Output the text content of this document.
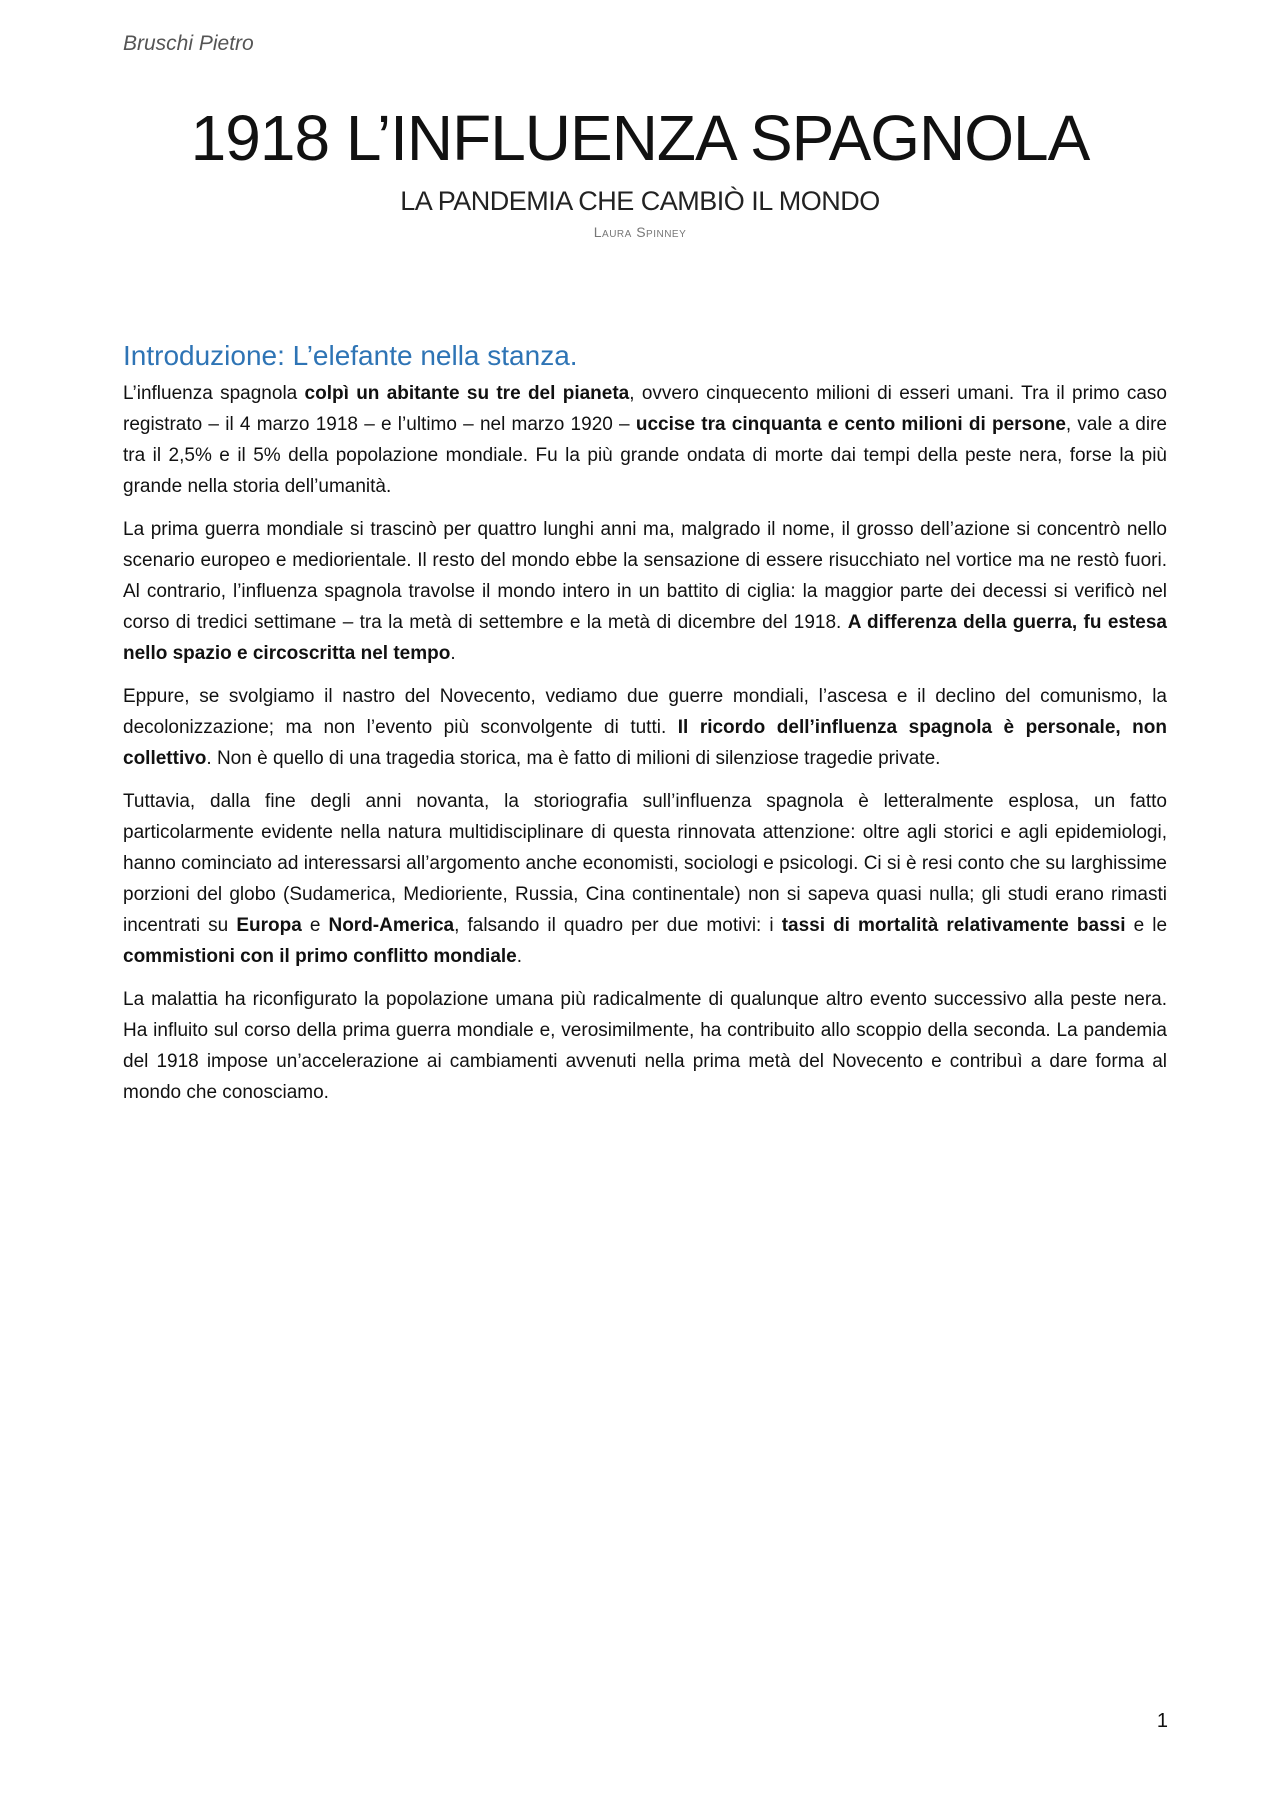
Bruschi Pietro
1918 L’INFLUENZA SPAGNOLA
LA PANDEMIA CHE CAMBIÒ IL MONDO
Laura Spinney
Introduzione: L’elefante nella stanza.

L’influenza spagnola colpì un abitante su tre del pianeta, ovvero cinquecento milioni di esseri umani. Tra il primo caso registrato – il 4 marzo 1918 – e l’ultimo – nel marzo 1920 – uccise tra cinquanta e cento milioni di persone, vale a dire tra il 2,5% e il 5% della popolazione mondiale. Fu la più grande ondata di morte dai tempi della peste nera, forse la più grande nella storia dell’umanità.

La prima guerra mondiale si trascinò per quattro lunghi anni ma, malgrado il nome, il grosso dell’azione si concentrò nello scenario europeo e mediorientale. Il resto del mondo ebbe la sensazione di essere risucchiato nel vortice ma ne restò fuori. Al contrario, l’influenza spagnola travolse il mondo intero in un battito di ciglia: la maggior parte dei decessi si verificò nel corso di tredici settimane – tra la metà di settembre e la metà di dicembre del 1918. A differenza della guerra, fu estesa nello spazio e circoscritta nel tempo.

Eppure, se svolgiamo il nastro del Novecento, vediamo due guerre mondiali, l’ascesa e il declino del comunismo, la decolonizzazione; ma non l’evento più sconvolgente di tutti. Il ricordo dell’influenza spagnola è personale, non collettivo. Non è quello di una tragedia storica, ma è fatto di milioni di silenziose tragedie private.

Tuttavia, dalla fine degli anni novanta, la storiografia sull’influenza spagnola è letteralmente esplosa, un fatto particolarmente evidente nella natura multidisciplinare di questa rinnovata attenzione: oltre agli storici e agli epidemiologi, hanno cominciato ad interessarsi all’argomento anche economisti, sociologi e psicologi. Ci si è resi conto che su larghissime porzioni del globo (Sudamerica, Medioriente, Russia, Cina continentale) non si sapeva quasi nulla; gli studi erano rimasti incentrati su Europa e Nord-America, falsando il quadro per due motivi: i tassi di mortalità relativamente bassi e le commistioni con il primo conflitto mondiale.

La malattia ha riconfigurato la popolazione umana più radicalmente di qualunque altro evento successivo alla peste nera. Ha influito sul corso della prima guerra mondiale e, verosimilmente, ha contribuito allo scoppio della seconda. La pandemia del 1918 impose un’accelerazione ai cambiamenti avvenuti nella prima metà del Novecento e contribuì a dare forma al mondo che conosciamo.

1
